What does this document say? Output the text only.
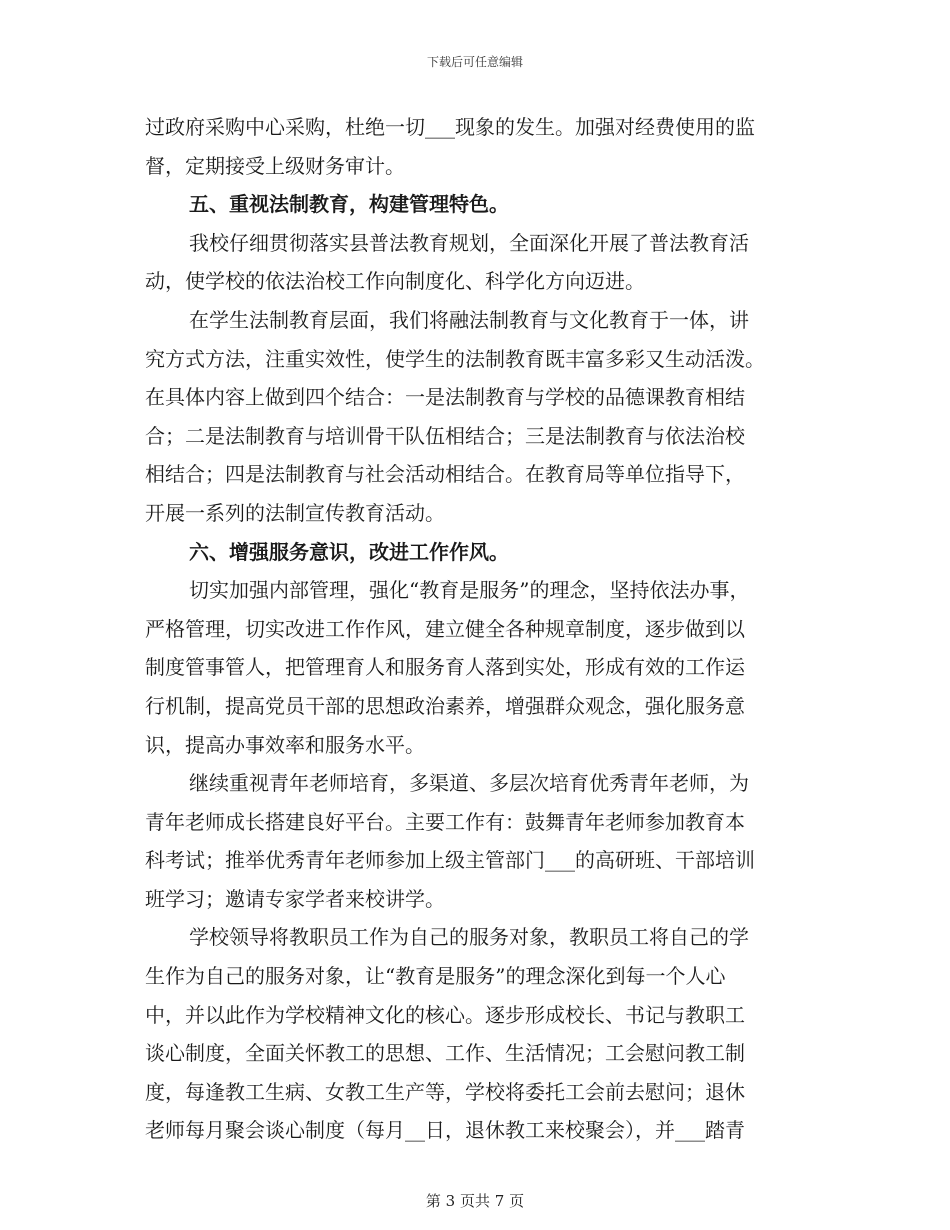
下载后可任意编辑
过政府采购中心采购，杜绝一切___现象的发生。加强对经费使用的监
督，定期接受上级财务审计。
五、重视法制教育，构建管理特色。
我校仔细贯彻落实县普法教育规划，全面深化开展了普法教育活
动，使学校的依法治校工作向制度化、科学化方向迈进。
在学生法制教育层面，我们将融法制教育与文化教育于一体，讲
究方式方法，注重实效性，使学生的法制教育既丰富多彩又生动活泼。
在具体内容上做到四个结合：一是法制教育与学校的品德课教育相结
合；二是法制教育与培训骨干队伍相结合；三是法制教育与依法治校
相结合；四是法制教育与社会活动相结合。在教育局等单位指导下，
开展一系列的法制宣传教育活动。
六、增强服务意识，改进工作作风。
切实加强内部管理，强化“教育是服务”的理念，坚持依法办事，
严格管理，切实改进工作作风，建立健全各种规章制度，逐步做到以
制度管事管人，把管理育人和服务育人落到实处，形成有效的工作运
行机制，提高党员干部的思想政治素养，增强群众观念，强化服务意
识，提高办事效率和服务水平。
继续重视青年老师培育，多渠道、多层次培育优秀青年老师，为
青年老师成长搭建良好平台。主要工作有：鼓舞青年老师参加教育本
科考试；推举优秀青年老师参加上级主管部门___的高研班、干部培训
班学习；邀请专家学者来校讲学。
学校领导将教职员工作为自己的服务对象，教职员工将自己的学
生作为自己的服务对象，让“教育是服务”的理念深化到每一个人心
中，并以此作为学校精神文化的核心。逐步形成校长、书记与教职工
谈心制度，全面关怀教工的思想、工作、生活情况；工会慰问教工制
度，每逢教工生病、女教工生产等，学校将委托工会前去慰问；退休
老师每月聚会谈心制度（每月__日，退休教工来校聚会），并___踏青
第 3 页共 7 页
